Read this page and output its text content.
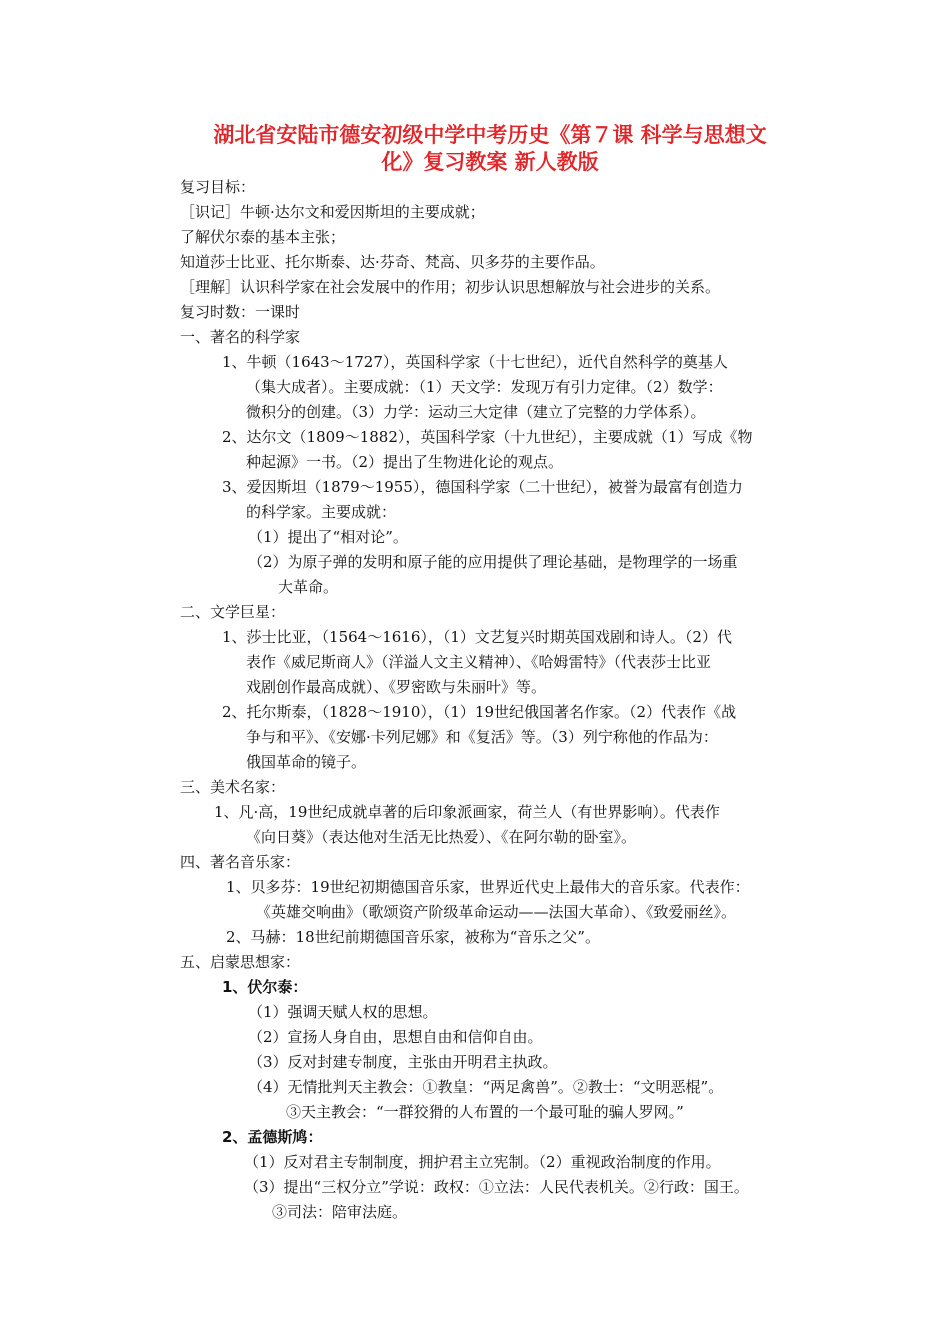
湖北省安陆市德安初级中学中考历史《第７课 科学与思想文
化》复习教案 新人教版
复习目标：
［识记］牛顿·达尔文和爱因斯坦的主要成就；
了解伏尔泰的基本主张；
知道莎士比亚、托尔斯泰、达·芬奇、梵高、贝多芬的主要作品。
［理解］认识科学家在社会发展中的作用；初步认识思想解放与社会进步的关系。
复习时数：一课时
一、著名的科学家
1、牛顿（1643～1727），英国科学家（十七世纪），近代自然科学的奠基人
（集大成者）。主要成就：（1）天文学：发现万有引力定律。（2）数学：
微积分的创建。（3）力学：运动三大定律（建立了完整的力学体系）。
2、达尔文（1809～1882），英国科学家（十九世纪），主要成就（1）写成《物
种起源》一书。（2）提出了生物进化论的观点。
3、爱因斯坦（1879～1955），德国科学家（二十世纪），被誉为最富有创造力
的科学家。主要成就：
（1）提出了“相对论”。
（2）为原子弹的发明和原子能的应用提供了理论基础，是物理学的一场重
大革命。
二、文学巨星：
1、莎士比亚，（1564～1616），（1）文艺复兴时期英国戏剧和诗人。（2）代
表作《威尼斯商人》（洋溢人文主义精神）、《哈姆雷特》（代表莎士比亚
戏剧创作最高成就）、《罗密欧与朱丽叶》等。
2、托尔斯泰，（1828～1910），（1）19世纪俄国著名作家。（2）代表作《战
争与和平》、《安娜·卡列尼娜》和《复活》等。（3）列宁称他的作品为：
俄国革命的镜子。
三、美术名家：
1、凡·高，19世纪成就卓著的后印象派画家，荷兰人（有世界影响）。代表作
《向日葵》（表达他对生活无比热爱）、《在阿尔勒的卧室》。
四、著名音乐家：
1、贝多芬：19世纪初期德国音乐家，世界近代史上最伟大的音乐家。代表作：
《英雄交响曲》（歌颂资产阶级革命运动——法国大革命）、《致爱丽丝》。
2、马赫：18世纪前期德国音乐家，被称为“音乐之父”。
五、启蒙思想家：
1、伏尔泰：
（1）强调天赋人权的思想。
（2）宣扬人身自由，思想自由和信仰自由。
（3）反对封建专制度，主张由开明君主执政。
（4）无情批判天主教会：①教皇：“两足禽兽”。②教士：“文明恶棍”。
③天主教会：“一群狡猾的人布置的一个最可耻的骗人罗网。”
2、孟德斯鸠：
（1）反对君主专制制度，拥护君主立宪制。（2）重视政治制度的作用。
（3）提出“三权分立”学说：政权：①立法：人民代表机关。②行政：国王。
③司法：陪审法庭。
